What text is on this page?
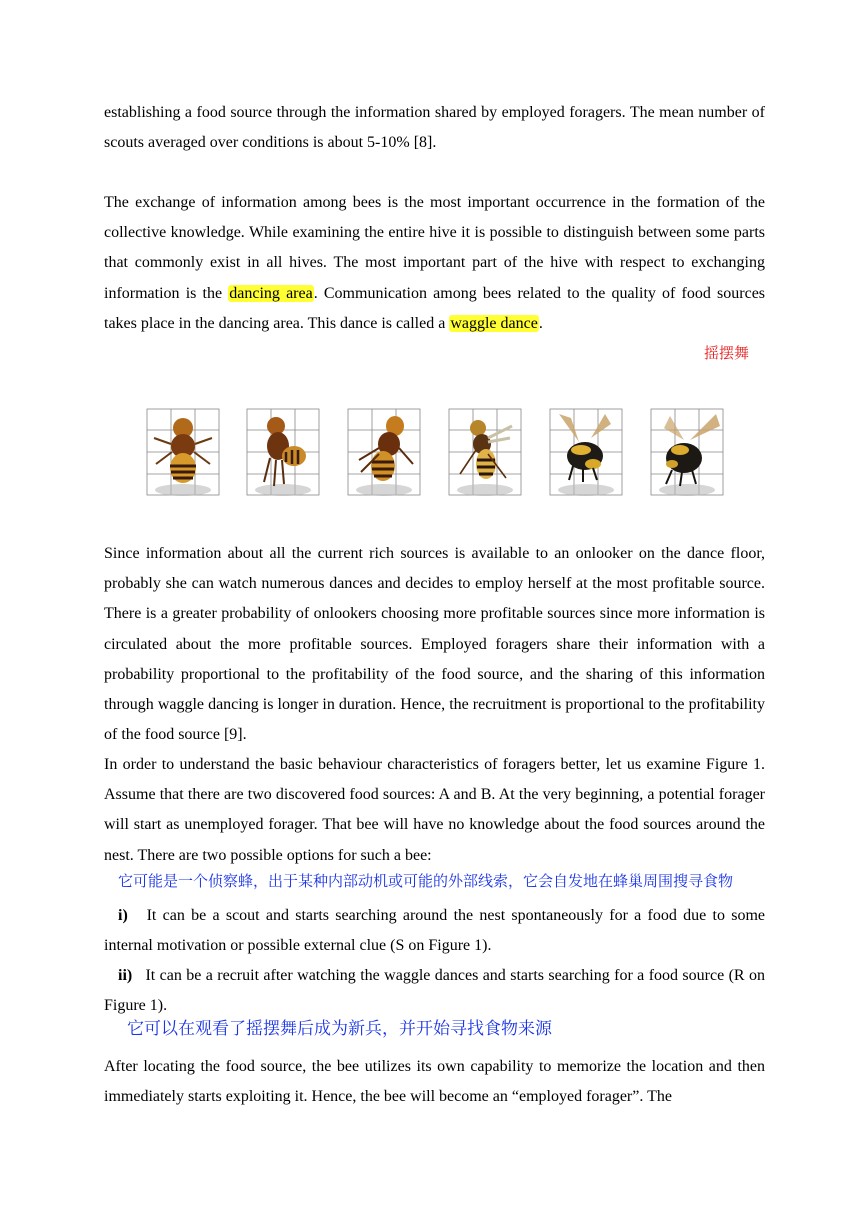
establishing a food source through the information shared by employed foragers. The mean number of scouts averaged over conditions is about 5-10% [8].

The exchange of information among bees is the most important occurrence in the formation of the collective knowledge. While examining the entire hive it is possible to distinguish between some parts that commonly exist in all hives. The most important part of the hive with respect to exchanging information is the dancing area. Communication among bees related to the quality of food sources takes place in the dancing area. This dance is called a waggle dance.

摇摆舞

Since information about all the current rich sources is available to an onlooker on the dance floor, probably she can watch numerous dances and decides to employ herself at the most profitable source. There is a greater probability of onlookers choosing more profitable sources since more information is circulated about the more profitable sources. Employed foragers share their information with a probability proportional to the profitability of the food source, and the sharing of this information through waggle dancing is longer in duration. Hence, the recruitment is proportional to the profitability of the food source [9].

In order to understand the basic behaviour characteristics of foragers better, let us examine Figure 1. Assume that there are two discovered food sources: A and B. At the very beginning, a potential forager will start as unemployed forager. That bee will have no knowledge about the food sources around the nest. There are two possible options for such a bee:

它可能是一个侦察蜂，出于某种内部动机或可能的外部线索，它会自发地在蜂巢周围搜寻食物

i) It can be a scout and starts searching around the nest spontaneously for a food due to some internal motivation or possible external clue (S on Figure 1).

ii) It can be a recruit after watching the waggle dances and starts searching for a food source (R on Figure 1).

它可以在观看了摇摆舞后成为新兵，并开始寻找食物来源

After locating the food source, the bee utilizes its own capability to memorize the location and then immediately starts exploiting it. Hence, the bee will become an “employed forager”. The
